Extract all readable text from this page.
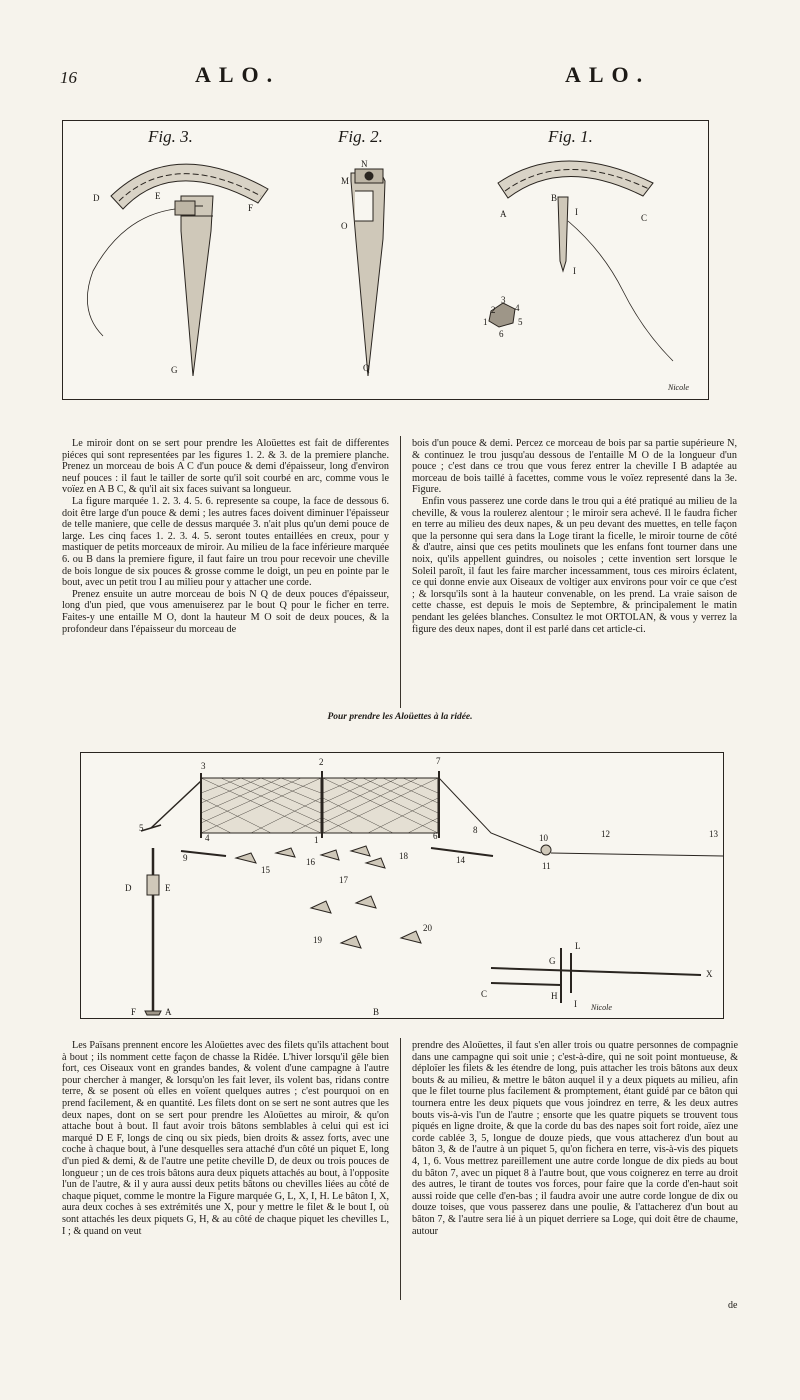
16	ALO.	ALO.
Fig. 3.	Fig. 2.	Fig. 1.
D	E
F
G
N
M
O
Q
A
B
I
C
I
2
3
4
1	5
6
Nicole

Le miroir dont on se sert pour prendre les Aloüettes est fait de differentes piéces qui sont representées par les figures 1. 2. & 3. de la premiere planche. Prenez un morceau de bois A C d'un pouce & demi d'épaisseur, long d'environ neuf pouces : il faut le tailler de sorte qu'il soit courbé en arc, comme vous le voïez en A B C, & qu'il ait six faces suivant sa longueur.

La figure marquée 1. 2. 3. 4. 5. 6. represente sa coupe, la face de dessous 6. doit être large d'un pouce & demi ; les autres faces doivent diminuer l'épaisseur de telle maniere, que celle de dessus marquée 3. n'ait plus qu'un demi pouce de large. Les cinq faces 1. 2. 3. 4. 5. seront toutes entaillées en creux, pour y mastiquer de petits morceaux de miroir. Au milieu de la face inférieure marquée 6. ou B dans la premiere figure, il faut faire un trou pour recevoir une cheville de bois longue de six pouces & grosse comme le doigt, un peu en pointe par le bout, avec un petit trou I au milieu pour y attacher une corde.

Prenez ensuite un autre morceau de bois N Q de deux pouces d'épaisseur, long d'un pied, que vous amenuiserez par le bout Q pour le ficher en terre. Faites-y une entaille M O, dont la hauteur M O soit de deux pouces, & la profondeur dans l'épaisseur du morceau de

bois d'un pouce & demi. Percez ce morceau de bois par sa partie supérieure N, & continuez le trou jusqu'au dessous de l'entaille M O de la longueur d'un pouce ; c'est dans ce trou que vous ferez entrer la cheville I B adaptée au morceau de bois taillé à facettes, comme vous le voïez representé dans la 3e. Figure.

Enfin vous passerez une corde dans le trou qui a été pratiqué au milieu de la cheville, & vous la roulerez alentour ; le miroir sera achevé. Il le faudra ficher en terre au milieu des deux napes, & un peu devant des muettes, en telle façon que la personne qui sera dans la Loge tirant la ficelle, le miroir tourne de côté & d'autre, ainsi que ces petits moulinets que les enfans font tourner dans une noix, qu'ils appellent guindres, ou noisoles ; cette invention sert lorsque le Soleil paroît, il faut les faire marcher incessamment, tous ces miroirs éclatent, ce qui donne envie aux Oiseaux de voltiger aux environs pour voir ce que c'est ; & lorsqu'ils sont à la hauteur convenable, on les prend. La vraie saison de cette chasse, est depuis le mois de Septembre, & principalement le matin pendant les gelées blanches. Consultez le mot ORTOLAN, & vous y verrez la figure des deux napes, dont il est parlé dans cet article-ci.

Pour prendre les Aloüettes à la ridée.
3	2	7
5
4	1	6
8
9
10
11
12	13
14
15
16
17
18
19
20
D	E
F	A	B
G
L
C	H
I
X
Nicole

Les Païsans prennent encore les Aloüettes avec des filets qu'ils attachent bout à bout ; ils nomment cette façon de chasse la Ridée. L'hiver lorsqu'il gêle bien fort, ces Oiseaux vont en grandes bandes, & volent d'une campagne à l'autre pour chercher à manger, & lorsqu'on les fait lever, ils volent bas, ridans contre terre, & se posent où elles en voïent quelques autres ; c'est pourquoi on en prend facilement, & en quantité. Les filets dont on se sert ne sont autres que les deux napes, dont on se sert pour prendre les Aloüettes au miroir, & qu'on attache bout à bout. Il faut avoir trois bâtons semblables à celui qui est ici marqué D E F, longs de cinq ou six pieds, bien droits & assez forts, avec une coche à chaque bout, à l'une desquelles sera attaché d'un côté un piquet E, long d'un pied & demi, & de l'autre une petite cheville D, de deux ou trois pouces de longueur ; un de ces trois bâtons aura deux piquets attachés au bout, à l'opposite l'un de l'autre, & il y aura aussi deux petits bâtons ou chevilles liées au côté de chaque piquet, comme le montre la Figure marquée G, L, X, I, H. Le bâton I, X, aura deux coches à ses extrémités une X, pour y mettre le filet & le bout I, où sont attachés les deux piquets G, H, & au côté de chaque piquet les chevilles L, I ; & quand on veut

prendre des Aloüettes, il faut s'en aller trois ou quatre personnes de compagnie dans une campagne qui soit unie ; c'est-à-dire, qui ne soit point montueuse, & déploïer les filets & les étendre de long, puis attacher les trois bâtons aux deux bouts & au milieu, & mettre le bâton auquel il y a deux piquets au milieu, afin que le filet tourne plus facilement & promptement, étant guidé par ce bâton qui tournera entre les deux piquets que vous joindrez en terre, & les deux autres bouts vis-à-vis l'un de l'autre ; ensorte que les quatre piquets se trouvent tous piqués en ligne droite, & que la corde du bas des napes soit fort roide, aïez une corde cablée 3, 5, longue de douze pieds, que vous attacherez d'un bout au bâton 3, & de l'autre à un piquet 5, qu'on fichera en terre, vis-à-vis des piquets 4, 1, 6. Vous mettrez pareillement une autre corde longue de dix pieds au bout du bâton 7, avec un piquet 8 à l'autre bout, que vous coignerez en terre au droit des autres, le tirant de toutes vos forces, pour faire que la corde d'en-haut soit aussi roide que celle d'en-bas ; il faudra avoir une autre corde longue de dix ou douze toises, que vous passerez dans une poulie, & l'attacherez d'un bout au bâton 7, & l'autre sera lié à un piquet derriere sa Loge, qui doit être de chaume, autour

de
